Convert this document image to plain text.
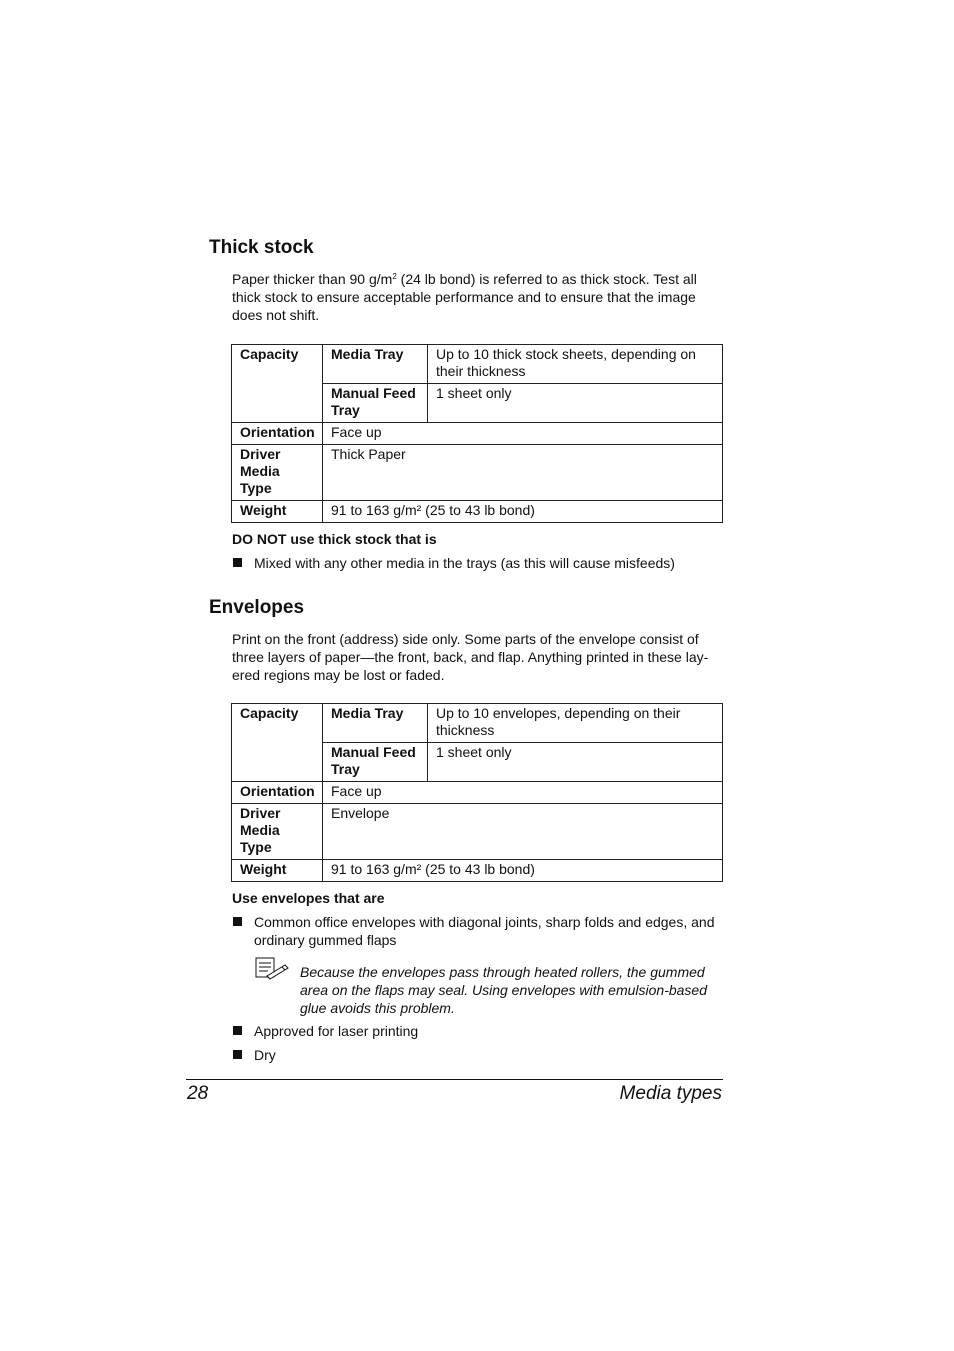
Thick stock

Paper thicker than 90 $g/m^2$ (24 lb bond) is referred to as thick stock. Test all thick stock to ensure acceptable performance and to ensure that the image does not shift.

Capacity	Media Tray	Up to 10 thick stock sheets, depending on their thickness
	Manual Feed Tray	1 sheet only
Orientation	Face up	
Driver Media Type	Thick Paper	
Weight	91 to 163 g/m² (25 to 43 lb bond)	
DO NOT use thick stock that is
Mixed with any other media in the trays (as this will cause misfeeds)
Envelopes

Print on the front (address) side only. Some parts of the envelope consist of three layers of paper—the front, back, and flap. Anything printed in these lay-ered regions may be lost or faded.

Capacity	Media Tray	Up to 10 envelopes, depending on their thickness
	Manual Feed Tray	1 sheet only
Orientation	Face up	
Driver Media Type	Envelope	
Weight	91 to 163 g/m² (25 to 43 lb bond)	
Use envelopes that are
Common office envelopes with diagonal joints, sharp folds and edges, and ordinary gummed flaps
Because the envelopes pass through heated rollers, the gummed area on the flaps may seal. Using envelopes with emulsion-based glue avoids this problem.
Approved for laser printing
Dry
28	Media types
